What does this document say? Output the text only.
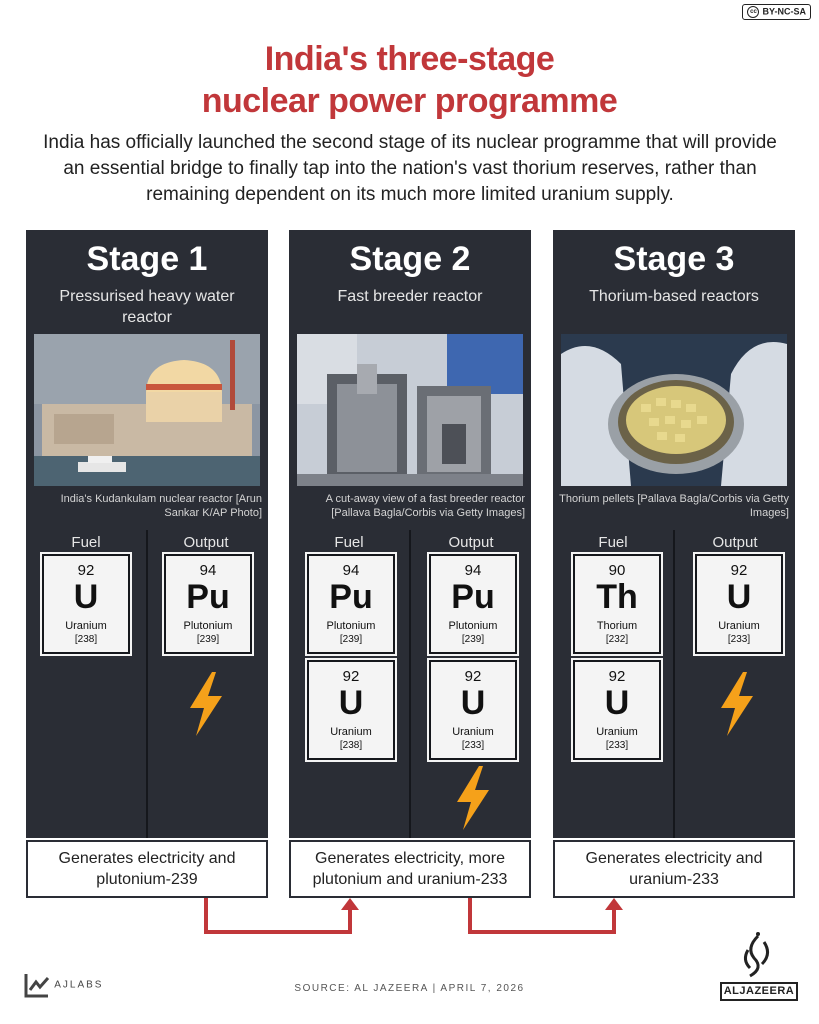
cc BY-NC-SA
India's three-stage
nuclear power programme
India has officially launched the second stage of its nuclear programme that will provide an essential bridge to finally tap into the nation's vast thorium reserves, rather than remaining dependent on its much more limited uranium supply.
Stage 1
Pressurised heavy water reactor
India's Kudankulam nuclear reactor [Arun Sankar K/AP Photo]
Fuel	Output
92
U
Uranium
[238]
94
Pu
Plutonium
[239]
Stage 2
Fast breeder reactor
A cut-away view of a fast breeder reactor [Pallava Bagla/Corbis via Getty Images]
Fuel	Output
94
Pu
Plutonium
[239]
92
U
Uranium
[238]
94
Pu
Plutonium
[239]
92
U
Uranium
[233]
Stage 3
Thorium-based reactors
Thorium pellets [Pallava Bagla/Corbis via Getty Images]
Fuel	Output
90
Th
Thorium
[232]
92
U
Uranium
[233]
92
U
Uranium
[233]
Generates electricity and plutonium-239
Generates electricity, more plutonium and uranium-233
Generates electricity and uranium-233
AJLABS	SOURCE: AL JAZEERA | APRIL 7, 2026	ALJAZEERA
